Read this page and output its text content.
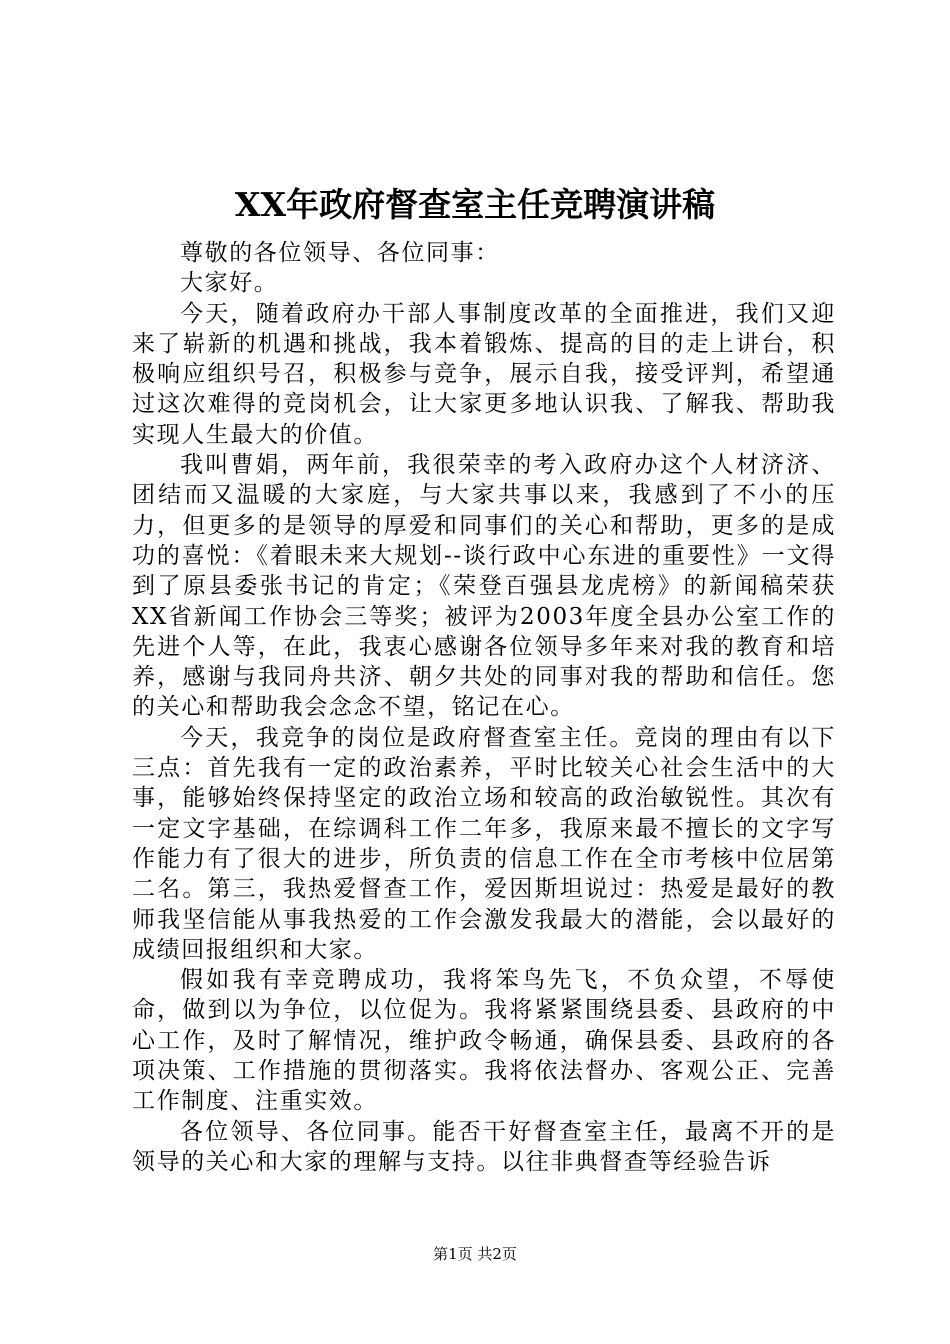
XX年政府督查室主任竞聘演讲稿

尊敬的各位领导、各位同事：

大家好。

今天，随着政府办干部人事制度改革的全面推进，我们又迎来了崭新的机遇和挑战，我本着锻炼、提高的目的走上讲台，积极响应组织号召，积极参与竞争，展示自我，接受评判，希望通过这次难得的竞岗机会，让大家更多地认识我、了解我、帮助我实现人生最大的价值。

我叫曹娟，两年前，我很荣幸的考入政府办这个人材济济、团结而又温暖的大家庭，与大家共事以来，我感到了不小的压力，但更多的是领导的厚爱和同事们的关心和帮助，更多的是成功的喜悦：《着眼未来大规划--谈行政中心东进的重要性》一文得到了原县委张书记的肯定；《荣登百强县龙虎榜》的新闻稿荣获XX省新闻工作协会三等奖；被评为2003年度全县办公室工作的先进个人等，在此，我衷心感谢各位领导多年来对我的教育和培养，感谢与我同舟共济、朝夕共处的同事对我的帮助和信任。您的关心和帮助我会念念不望，铭记在心。

今天，我竞争的岗位是政府督查室主任。竞岗的理由有以下三点：首先我有一定的政治素养，平时比较关心社会生活中的大事，能够始终保持坚定的政治立场和较高的政治敏锐性。其次有一定文字基础，在综调科工作二年多，我原来最不擅长的文字写作能力有了很大的进步，所负责的信息工作在全市考核中位居第二名。第三，我热爱督查工作，爱因斯坦说过：热爱是最好的教师我坚信能从事我热爱的工作会激发我最大的潜能，会以最好的成绩回报组织和大家。

假如我有幸竞聘成功，我将笨鸟先飞，不负众望，不辱使命，做到以为争位，以位促为。我将紧紧围绕县委、县政府的中心工作，及时了解情况，维护政令畅通，确保县委、县政府的各项决策、工作措施的贯彻落实。我将依法督办、客观公正、完善工作制度、注重实效。

各位领导、各位同事。能否干好督查室主任，最离不开的是领导的关心和大家的理解与支持。以往非典督查等经验告诉

第1页 共2页
